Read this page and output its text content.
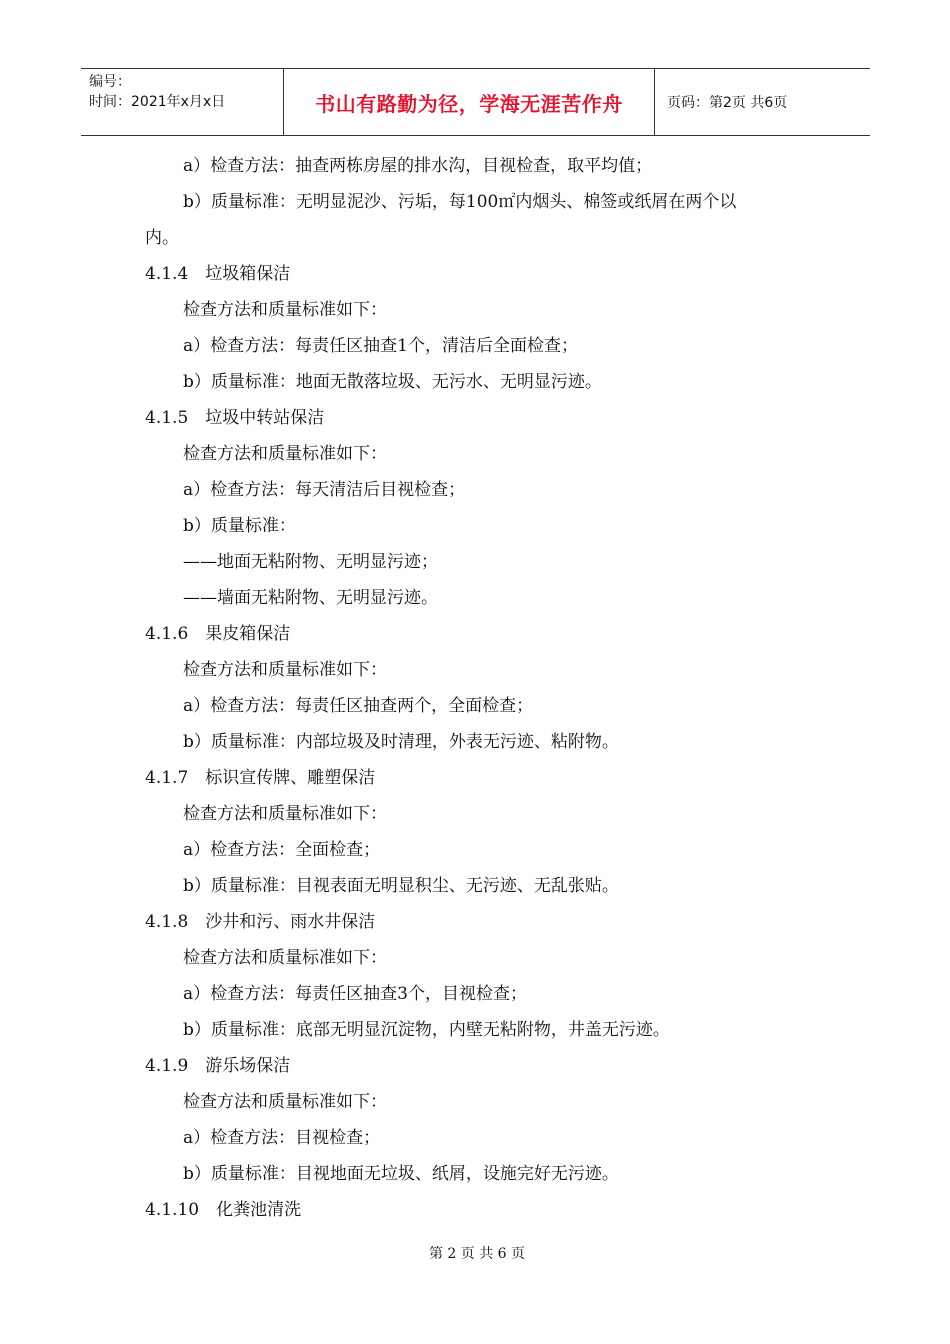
编号：
时间：2021年x月x日	书山有路勤为径，学海无涯苦作舟	页码：第2页 共6页
a）检查方法：抽查两栋房屋的排水沟，目视检查，取平均值；
b）质量标准：无明显泥沙、污垢，每100㎡内烟头、棉签或纸屑在两个以
内。
4.1.4　垃圾箱保洁
检查方法和质量标准如下：
a）检查方法：每责任区抽查1个，清洁后全面检查；
b）质量标准：地面无散落垃圾、无污水、无明显污迹。
4.1.5　垃圾中转站保洁
检查方法和质量标准如下：
a）检查方法：每天清洁后目视检查；
b）质量标准：
——地面无粘附物、无明显污迹；
——墙面无粘附物、无明显污迹。
4.1.6　果皮箱保洁
检查方法和质量标准如下：
a）检查方法：每责任区抽查两个，全面检查；
b）质量标准：内部垃圾及时清理，外表无污迹、粘附物。
4.1.7　标识宣传牌、雕塑保洁
检查方法和质量标准如下：
a）检查方法：全面检查；
b）质量标准：目视表面无明显积尘、无污迹、无乱张贴。
4.1.8　沙井和污、雨水井保洁
检查方法和质量标准如下：
a）检查方法：每责任区抽查3个，目视检查；
b）质量标准：底部无明显沉淀物，内壁无粘附物，井盖无污迹。
4.1.9　游乐场保洁
检查方法和质量标准如下：
a）检查方法：目视检查；
b）质量标准：目视地面无垃圾、纸屑，设施完好无污迹。
4.1.10　化粪池清洗
第 2 页 共 6 页
